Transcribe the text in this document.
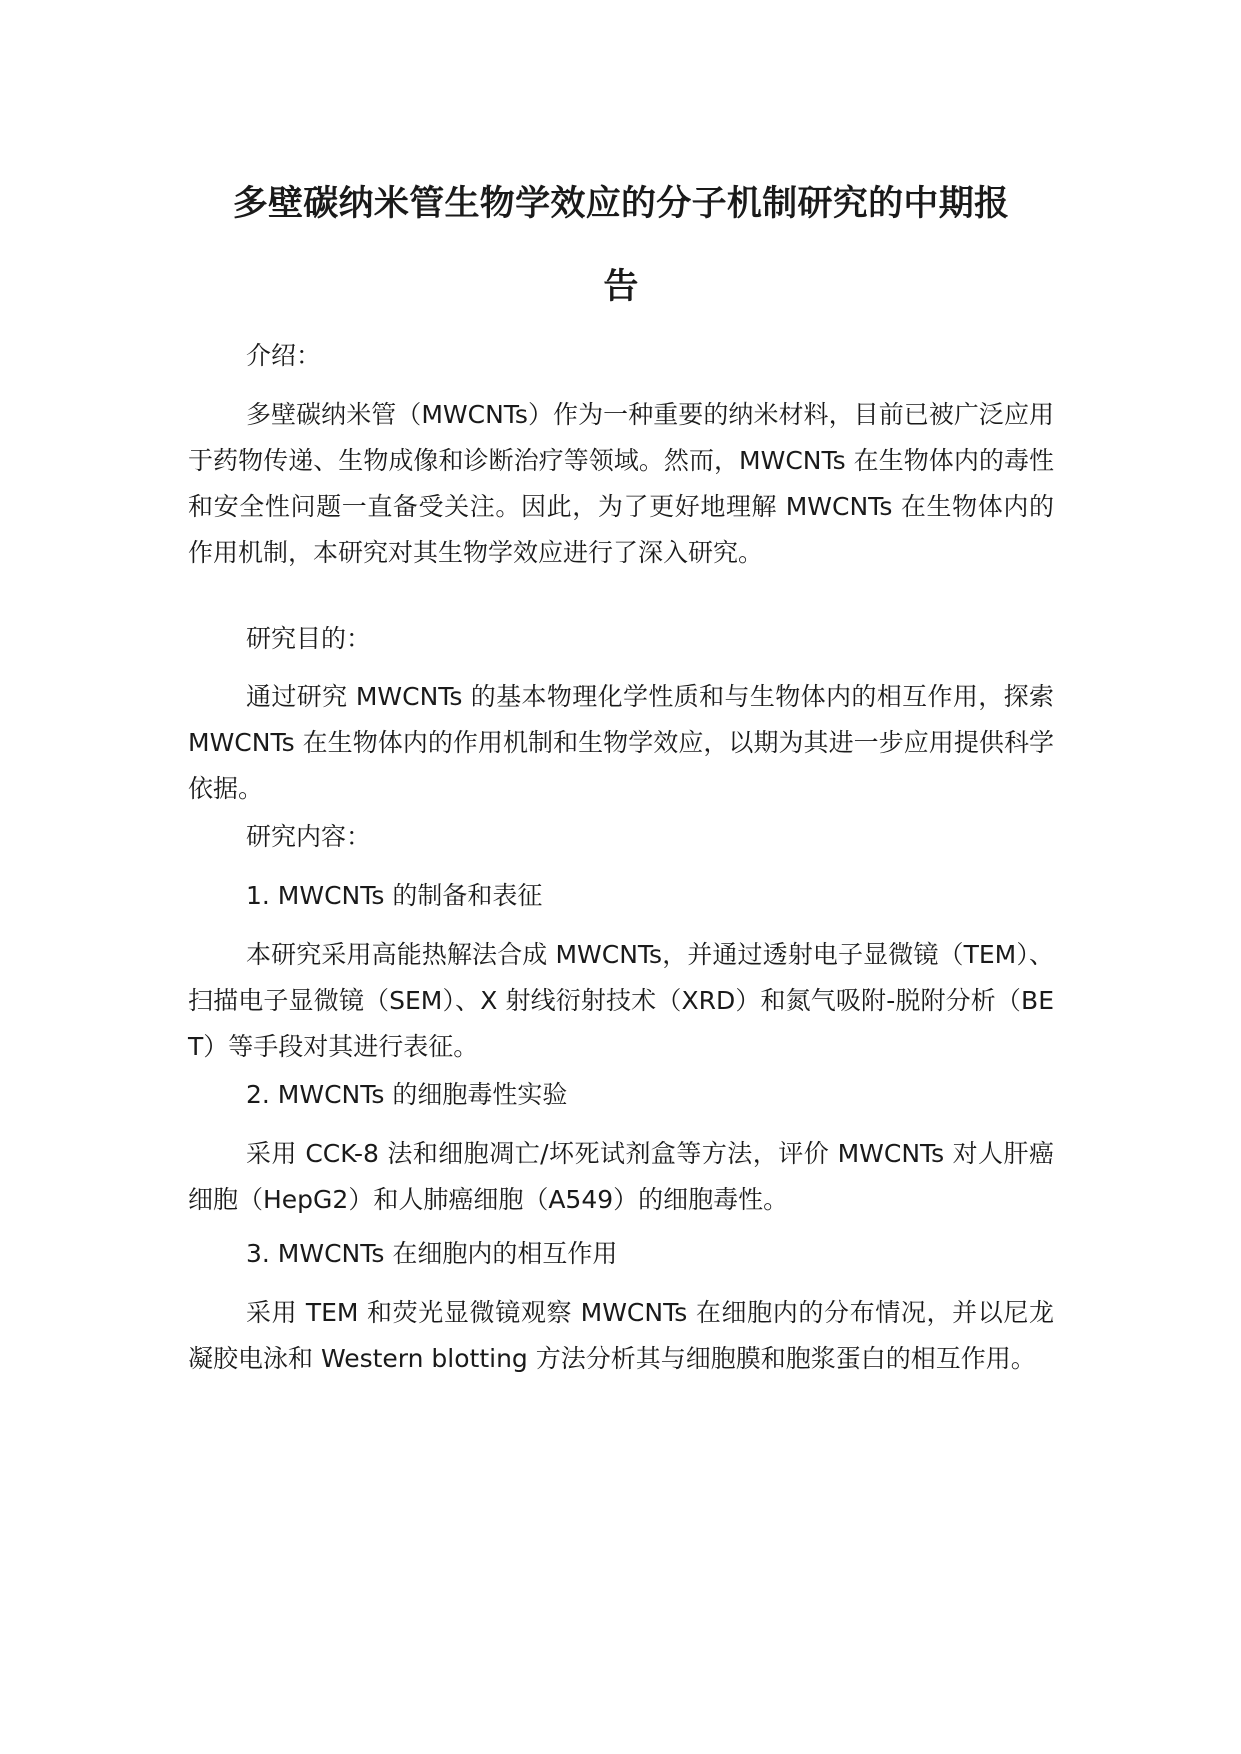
多壁碳纳米管生物学效应的分子机制研究的中期报
告

介绍：

多壁碳纳米管（MWCNTs）作为一种重要的纳米材料，目前已被广泛应用于药物传递、生物成像和诊断治疗等领域。然而，MWCNTs 在生物体内的毒性和安全性问题一直备受关注。因此，为了更好地理解 MWCNTs 在生物体内的作用机制，本研究对其生物学效应进行了深入研究。

研究目的：

通过研究 MWCNTs 的基本物理化学性质和与生物体内的相互作用，探索 MWCNTs 在生物体内的作用机制和生物学效应，以期为其进一步应用提供科学依据。

研究内容：

1. MWCNTs 的制备和表征

本研究采用高能热解法合成 MWCNTs，并通过透射电子显微镜（TEM）、扫描电子显微镜（SEM）、X 射线衍射技术（XRD）和氮气吸附-脱附分析（BET）等手段对其进行表征。

2. MWCNTs 的细胞毒性实验

采用 CCK-8 法和细胞凋亡/坏死试剂盒等方法，评价 MWCNTs 对人肝癌细胞（HepG2）和人肺癌细胞（A549）的细胞毒性。

3. MWCNTs 在细胞内的相互作用

采用 TEM 和荧光显微镜观察 MWCNTs 在细胞内的分布情况，并以尼龙凝胶电泳和 Western blotting 方法分析其与细胞膜和胞浆蛋白的相互作用。
